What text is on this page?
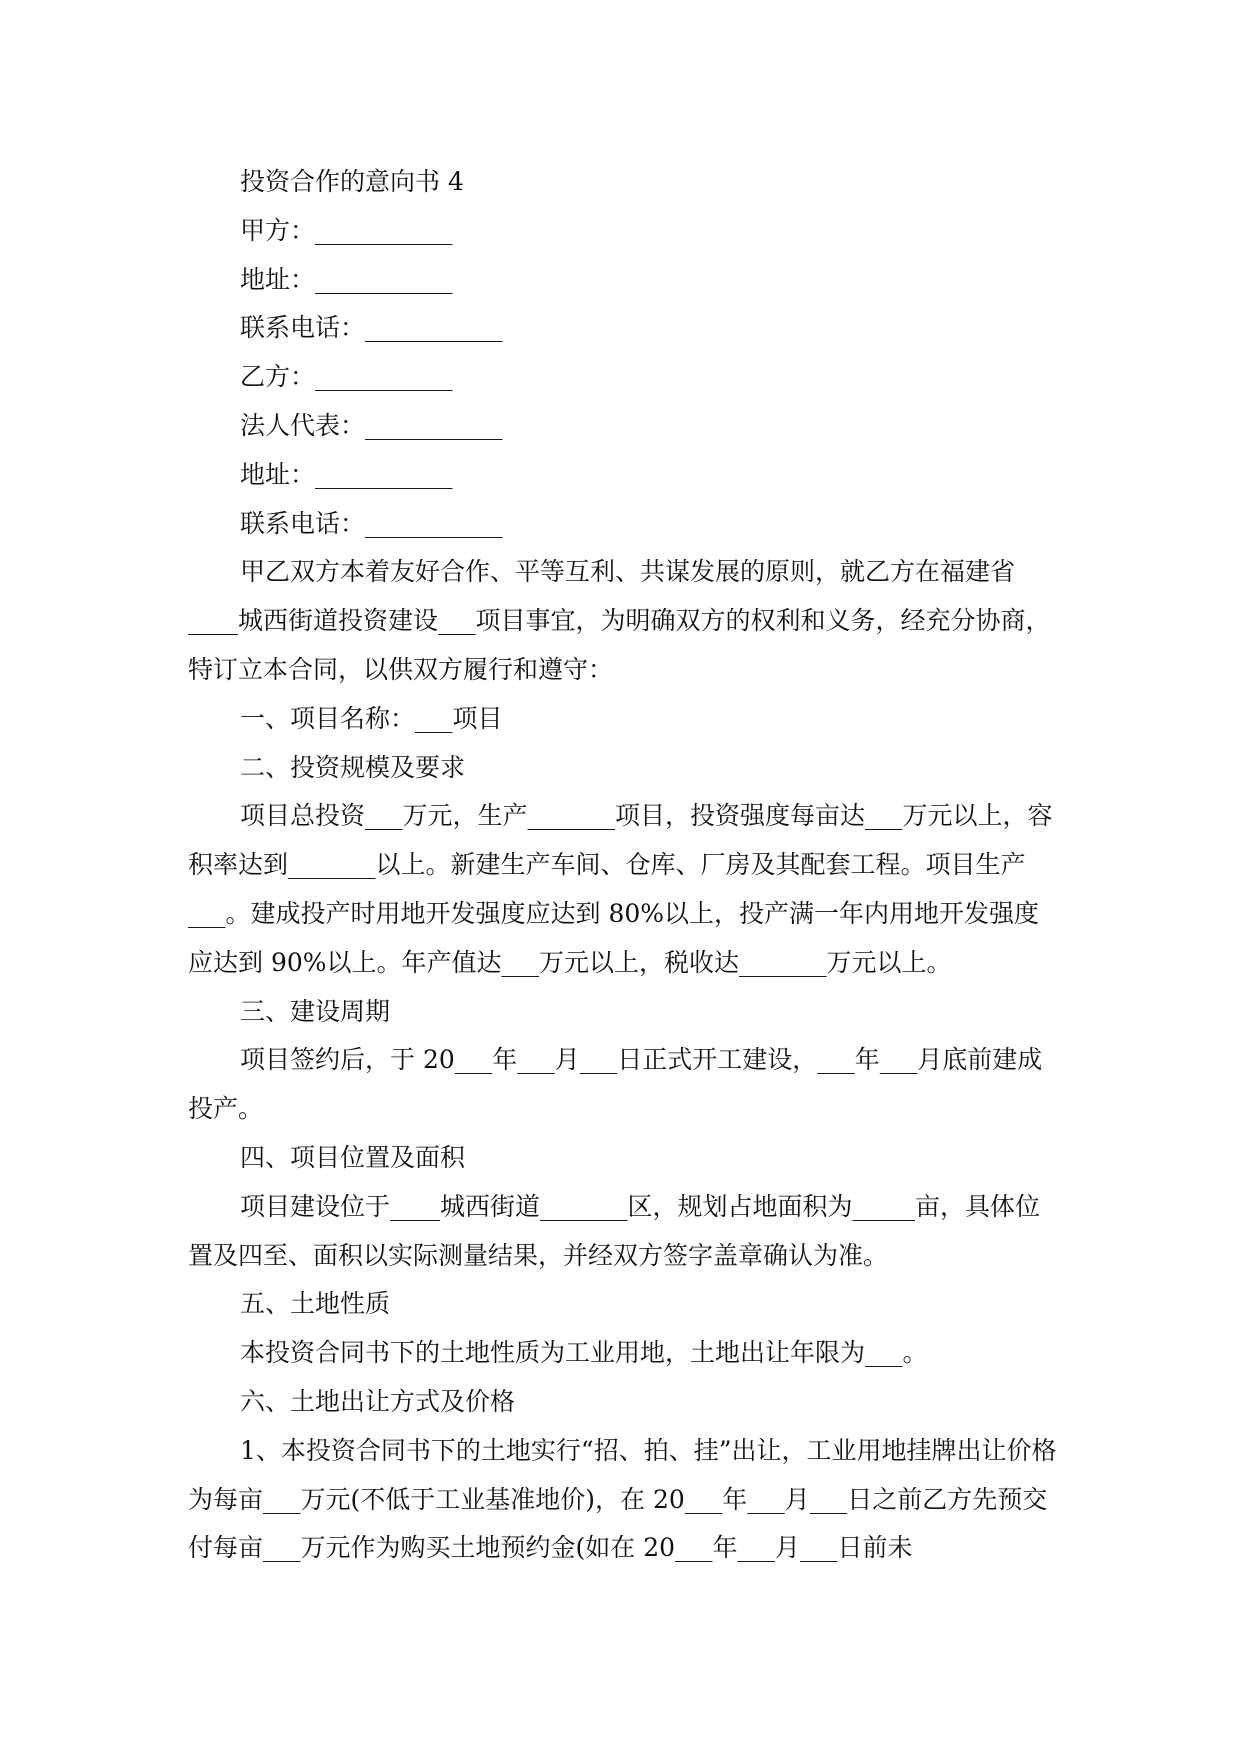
投资合作的意向书 4

甲方：___________

地址：___________

联系电话：___________

乙方：___________

法人代表：___________

地址：___________

联系电话：___________

甲乙双方本着友好合作、平等互利、共谋发展的原则，就乙方在福建省____城西街道投资建设___项目事宜，为明确双方的权利和义务，经充分协商，特订立本合同，以供双方履行和遵守：

一、项目名称：___项目

二、投资规模及要求

项目总投资___万元，生产_______项目，投资强度每亩达___万元以上，容积率达到_______以上。新建生产车间、仓库、厂房及其配套工程。项目生产___。建成投产时用地开发强度应达到 80%以上，投产满一年内用地开发强度应达到 90%以上。年产值达___万元以上，税收达_______万元以上。

三、建设周期

项目签约后，于 20___年___月___日正式开工建设，___年___月底前建成投产。

四、项目位置及面积

项目建设位于____城西街道_______区，规划占地面积为_____亩，具体位置及四至、面积以实际测量结果，并经双方签字盖章确认为准。

五、土地性质

本投资合同书下的土地性质为工业用地，土地出让年限为___。

六、土地出让方式及价格

1、本投资合同书下的土地实行“招、拍、挂”出让，工业用地挂牌出让价格为每亩___万元(不低于工业基准地价)，在 20___年___月___日之前乙方先预交付每亩___万元作为购买土地预约金(如在 20___年___月___日前未
